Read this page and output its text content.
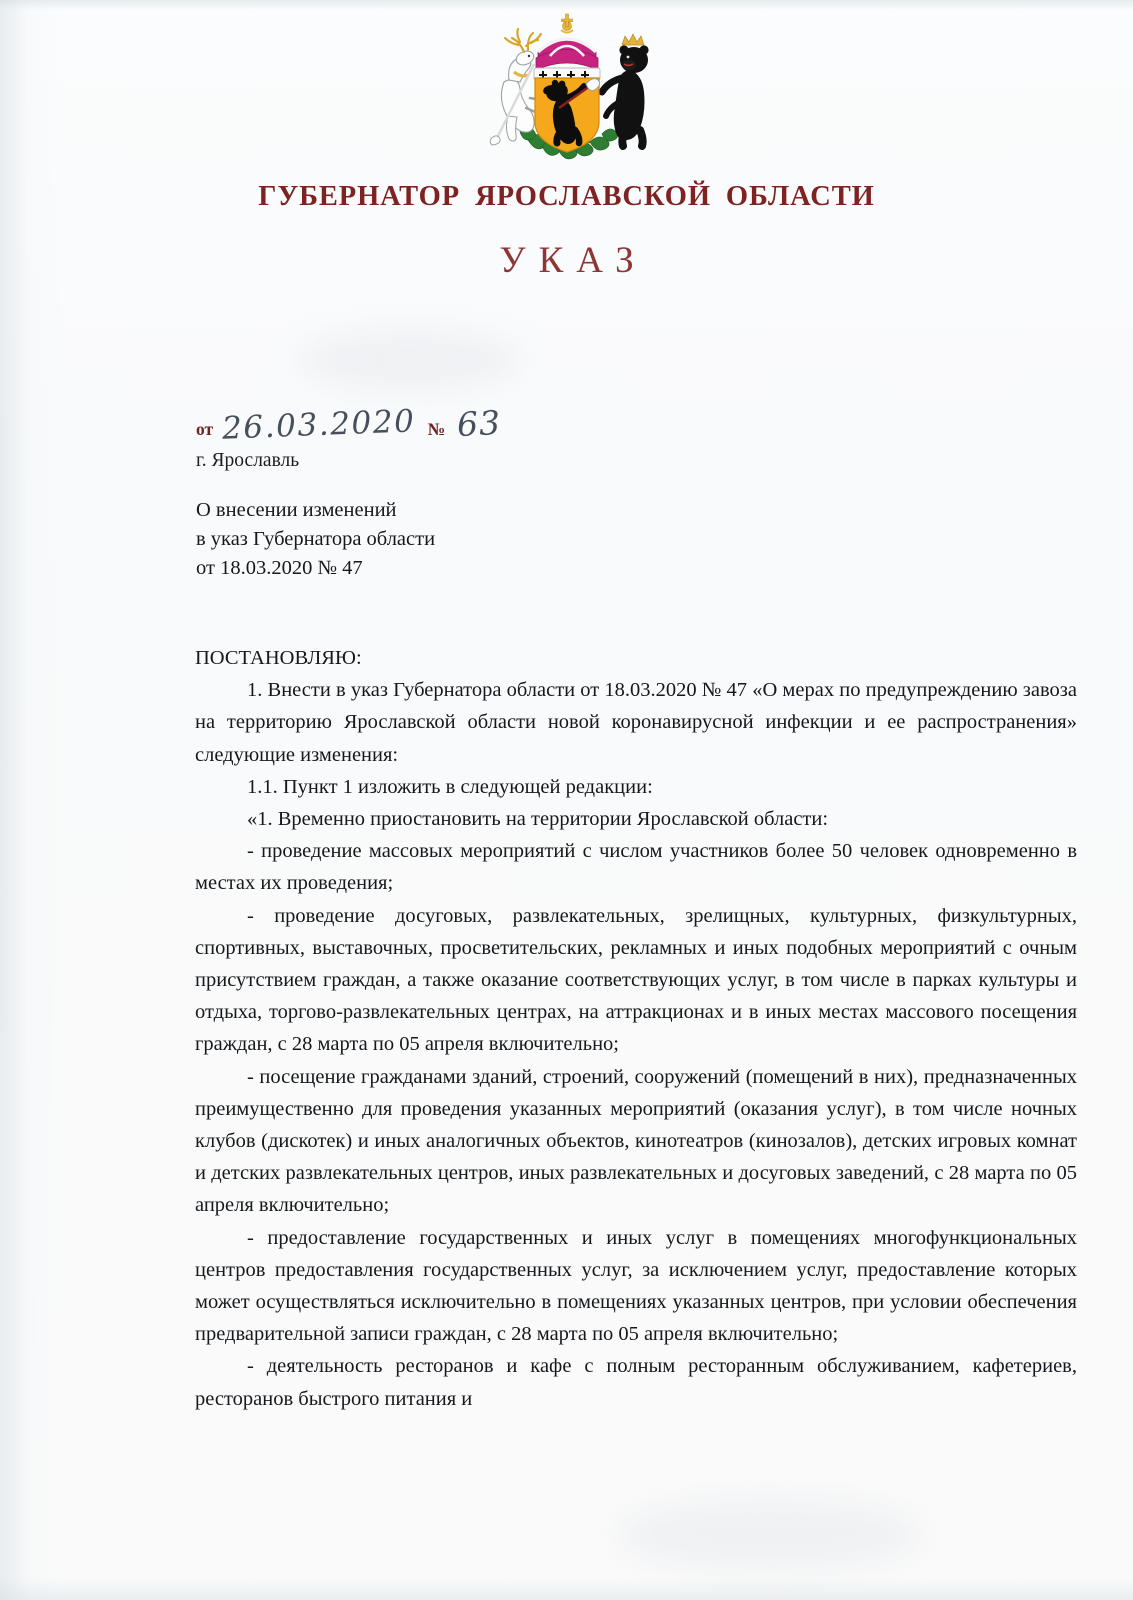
ГУБЕРНАТОР ЯРОСЛАВСКОЙ ОБЛАСТИ
УКАЗ
от 26.03.2020 № 63
г. Ярославль
О внесении изменений
в указ Губернатора области
от 18.03.2020 № 47

ПОСТАНОВЛЯЮ:

1. Внести в указ Губернатора области от 18.03.2020 № 47 «О мерах по предупреждению завоза на территорию Ярославской области новой коронавирусной инфекции и ее распространения» следующие изменения:

1.1. Пункт 1 изложить в следующей редакции:

«1. Временно приостановить на территории Ярославской области:

- проведение массовых мероприятий с числом участников более 50 человек одновременно в местах их проведения;

- проведение досуговых, развлекательных, зрелищных, культурных, физкультурных, спортивных, выставочных, просветительских, рекламных и иных подобных мероприятий с очным присутствием граждан, а также оказание соответствующих услуг, в том числе в парках культуры и отдыха, торгово-развлекательных центрах, на аттракционах и в иных местах массового посещения граждан, с 28 марта по 05 апреля включительно;

- посещение гражданами зданий, строений, сооружений (помещений в них), предназначенных преимущественно для проведения указанных мероприятий (оказания услуг), в том числе ночных клубов (дискотек) и иных аналогичных объектов, кинотеатров (кинозалов), детских игровых комнат и детских развлекательных центров, иных развлекательных и досуговых заведений, с 28 марта по 05 апреля включительно;

- предоставление государственных и иных услуг в помещениях многофункциональных центров предоставления государственных услуг, за исключением услуг, предоставление которых может осуществляться исключительно в помещениях указанных центров, при условии обеспечения предварительной записи граждан, с 28 марта по 05 апреля включительно;

- деятельность ресторанов и кафе с полным ресторанным обслуживанием, кафетериев, ресторанов быстрого питания и
